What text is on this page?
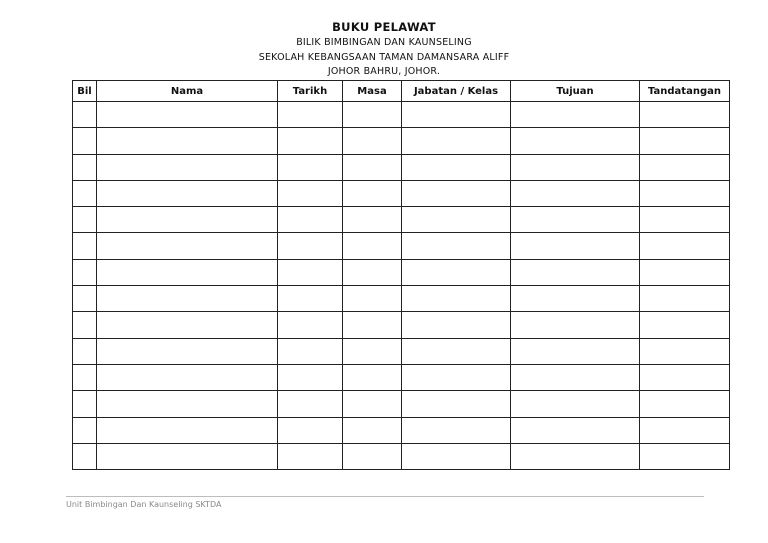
BUKU PELAWAT
BILIK BIMBINGAN DAN KAUNSELING
SEKOLAH KEBANGSAAN TAMAN DAMANSARA ALIFF
JOHOR BAHRU, JOHOR.
Bil	Nama	Tarikh	Masa	Jabatan / Kelas	Tujuan	Tandatangan

Unit Bimbingan Dan Kaunseling SKTDA
